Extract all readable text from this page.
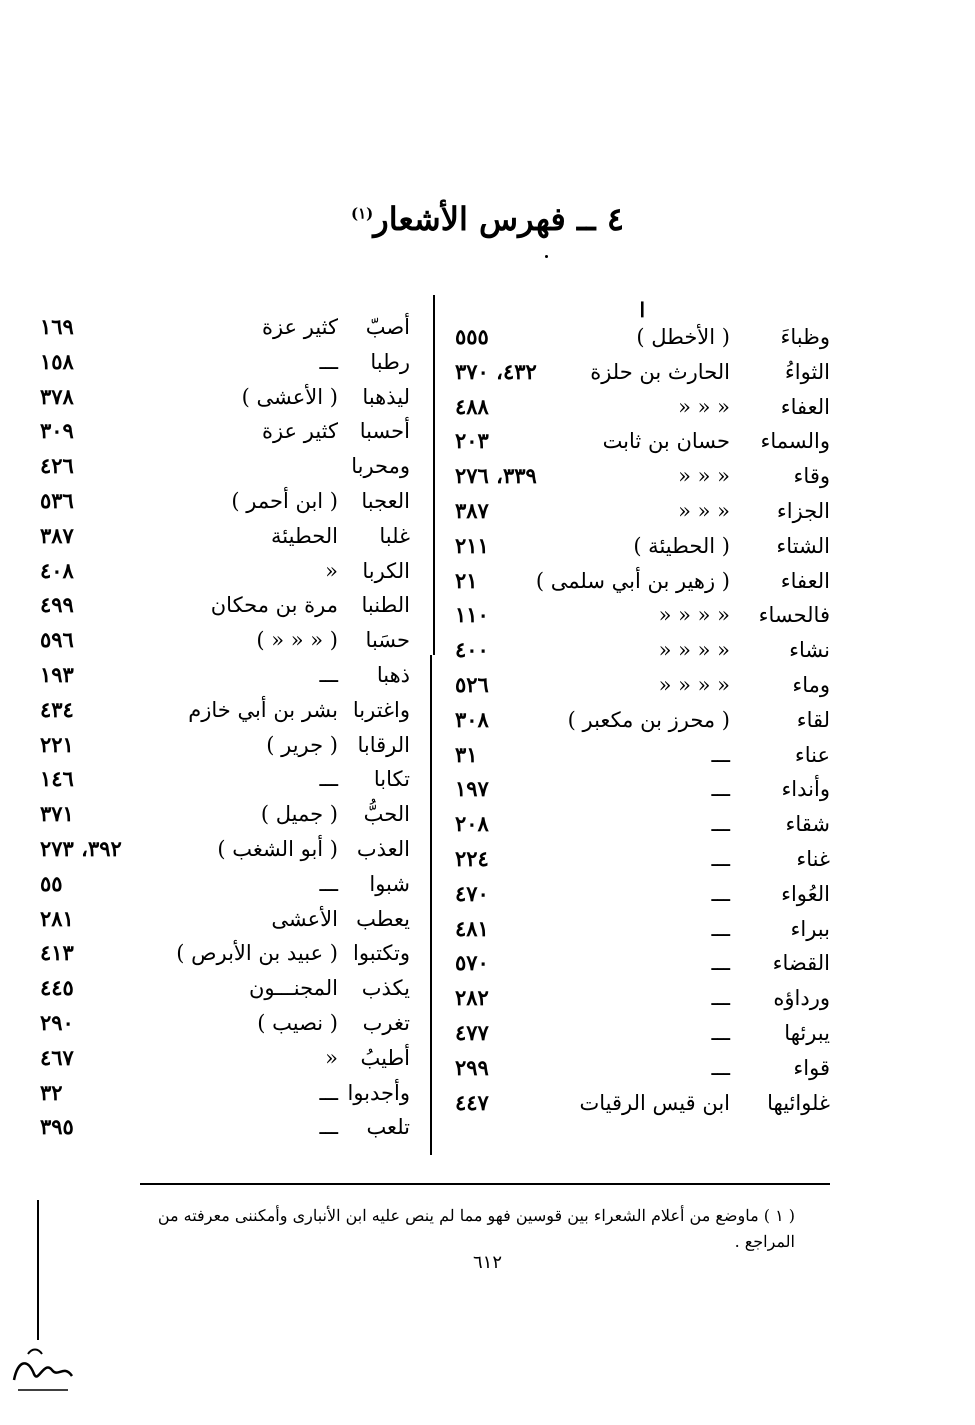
٤ ــ فهرس الأشعار$^{(١)}$
ا
وظباءَ
( الأخطل )
٥٥٥
الثواءُ
الحارث بن حلزة
٤٣٢، ٣٧٠
العفاء
« « «
٤٨٨
والسماء
حسان بن ثابت
٢٠٣
وقاء
« « «
٣٣٩، ٢٧٦
الجزاء
« « «
٣٨٧
الشتاء
( الحطيئة )
٢١١
العفاء
( زهير بن أبي سلمى )
٢١
فالحساء
« « « «
١١٠
نشاء
« « « «
٤٠٠
وماء
« « « «
٥٢٦
لقاء
( محرز بن مكعبر )
٣٠٨
عناء
ـــ
٣١
وأنداء
ـــ
١٩٧
شقاء
ـــ
٢٠٨
غناء
ـــ
٢٢٤
العُواء
ـــ
٤٧٠
ببراء
ـــ
٤٨١
القضاء
ـــ
٥٧٠
ورداؤه
ـــ
٢٨٢
يبرئها
ـــ
٤٧٧
قواء
ـــ
٢٩٩
غلوائيها
ابن قيس الرقيات
٤٤٧
أصبّ
كثير عزة
١٦٩
رطبا
ـــ
١٥٨
ليذهبا
( الأعشى )
٣٧٨
أحسبا
كثير عزة
٣٠٩
ومحربا
٤٢٦
العجبا
( ابن أحمر )
٥٣٦
غلبا
الحطيئة
٣٨٧
الكربا
«
٤٠٨
الطنبا
مرة بن محكان
٤٩٩
حسَبا
( « « « )
٥٩٦
ذهبا
ـــ
١٩٣
واغتربا
بشر بن أبي خازم
٤٣٤
الرقابا
( جرير )
٢٢١
تكابا
ـــ
١٤٦
الحبُّ
( جميل )
٣٧١
العذب
( أبو الشغب )
٣٩٢، ٢٧٣
شبوا
ـــ
٥٥
يعطب
الأعشى
٢٨١
وتكتبوا
( عبيد بن الأبرص )
٤١٣
يكذب
المجنـــون
٤٤٥
تغرب
( نصيب )
٢٩٠
أطيبُ
«
٤٦٧
وأجدبوا
ـــ
٣٢
تلعب
ـــ
٣٩٥
( ١ ) ماوضع من أعلام الشعراء بين قوسين فهو مما لم ينص عليه ابن الأنبارى وأمكننى معرفته من المراجع .
٦١٢
